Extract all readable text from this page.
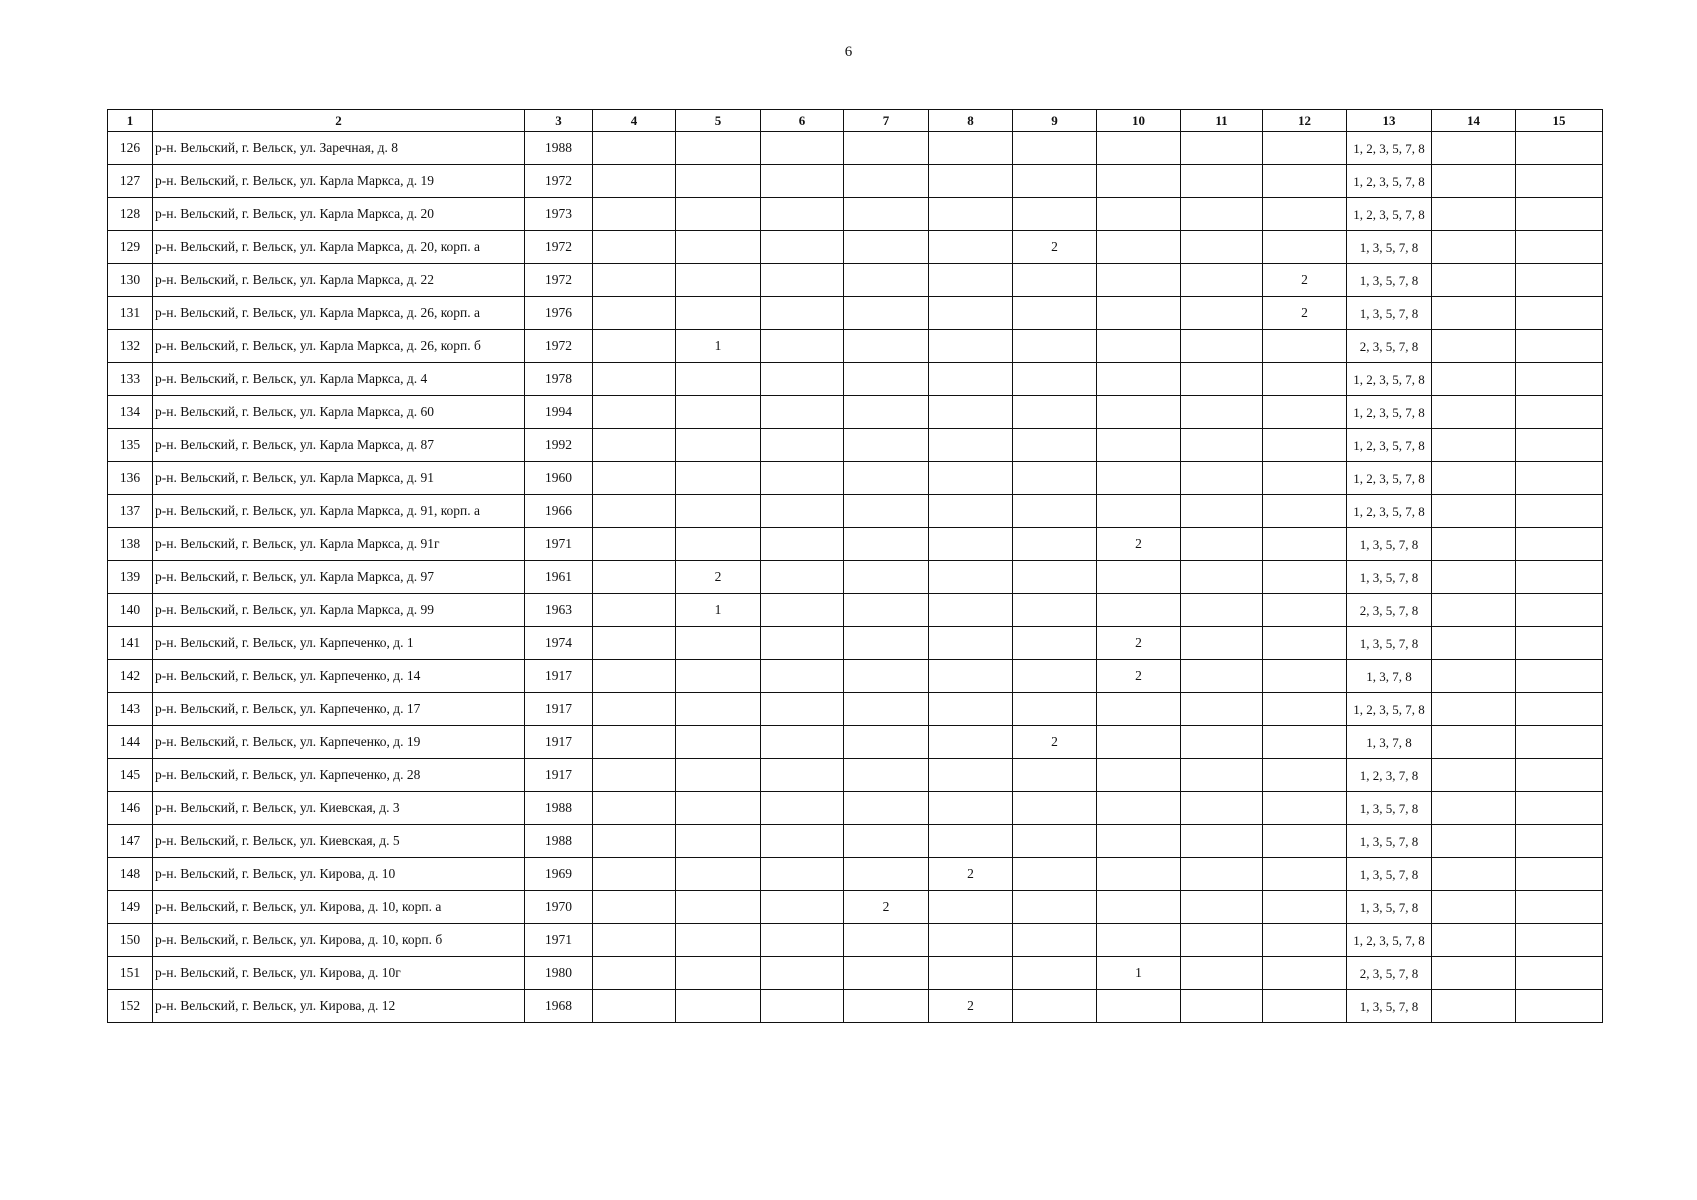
6
1	2	3	4	5	6	7	8	9	10	11	12	13	14	15
126	р-н. Вельский, г. Вельск, ул. Заречная, д. 8	1988										1, 2, 3, 5, 7, 8		
127	р-н. Вельский, г. Вельск, ул. Карла Маркса, д. 19	1972										1, 2, 3, 5, 7, 8		
128	р-н. Вельский, г. Вельск, ул. Карла Маркса, д. 20	1973										1, 2, 3, 5, 7, 8		
129	р-н. Вельский, г. Вельск, ул. Карла Маркса, д. 20, корп. а	1972						2				1, 3, 5, 7, 8		
130	р-н. Вельский, г. Вельск, ул. Карла Маркса, д. 22	1972									2	1, 3, 5, 7, 8		
131	р-н. Вельский, г. Вельск, ул. Карла Маркса, д. 26, корп. а	1976									2	1, 3, 5, 7, 8		
132	р-н. Вельский, г. Вельск, ул. Карла Маркса, д. 26, корп. б	1972		1								2, 3, 5, 7, 8		
133	р-н. Вельский, г. Вельск, ул. Карла Маркса, д. 4	1978										1, 2, 3, 5, 7, 8		
134	р-н. Вельский, г. Вельск, ул. Карла Маркса, д. 60	1994										1, 2, 3, 5, 7, 8		
135	р-н. Вельский, г. Вельск, ул. Карла Маркса, д. 87	1992										1, 2, 3, 5, 7, 8		
136	р-н. Вельский, г. Вельск, ул. Карла Маркса, д. 91	1960										1, 2, 3, 5, 7, 8		
137	р-н. Вельский, г. Вельск, ул. Карла Маркса, д. 91, корп. а	1966										1, 2, 3, 5, 7, 8		
138	р-н. Вельский, г. Вельск, ул. Карла Маркса, д. 91г	1971							2			1, 3, 5, 7, 8		
139	р-н. Вельский, г. Вельск, ул. Карла Маркса, д. 97	1961		2								1, 3, 5, 7, 8		
140	р-н. Вельский, г. Вельск, ул. Карла Маркса, д. 99	1963		1								2, 3, 5, 7, 8		
141	р-н. Вельский, г. Вельск, ул. Карпеченко, д. 1	1974							2			1, 3, 5, 7, 8		
142	р-н. Вельский, г. Вельск, ул. Карпеченко, д. 14	1917							2			1, 3, 7, 8		
143	р-н. Вельский, г. Вельск, ул. Карпеченко, д. 17	1917										1, 2, 3, 5, 7, 8		
144	р-н. Вельский, г. Вельск, ул. Карпеченко, д. 19	1917						2				1, 3, 7, 8		
145	р-н. Вельский, г. Вельск, ул. Карпеченко, д. 28	1917										1, 2, 3, 7, 8		
146	р-н. Вельский, г. Вельск, ул. Киевская, д. 3	1988										1, 3, 5, 7, 8		
147	р-н. Вельский, г. Вельск, ул. Киевская, д. 5	1988										1, 3, 5, 7, 8		
148	р-н. Вельский, г. Вельск, ул. Кирова, д. 10	1969					2					1, 3, 5, 7, 8		
149	р-н. Вельский, г. Вельск, ул. Кирова, д. 10, корп. а	1970				2						1, 3, 5, 7, 8		
150	р-н. Вельский, г. Вельск, ул. Кирова, д. 10, корп. б	1971										1, 2, 3, 5, 7, 8		
151	р-н. Вельский, г. Вельск, ул. Кирова, д. 10г	1980							1			2, 3, 5, 7, 8		
152	р-н. Вельский, г. Вельск, ул. Кирова, д. 12	1968					2					1, 3, 5, 7, 8		
